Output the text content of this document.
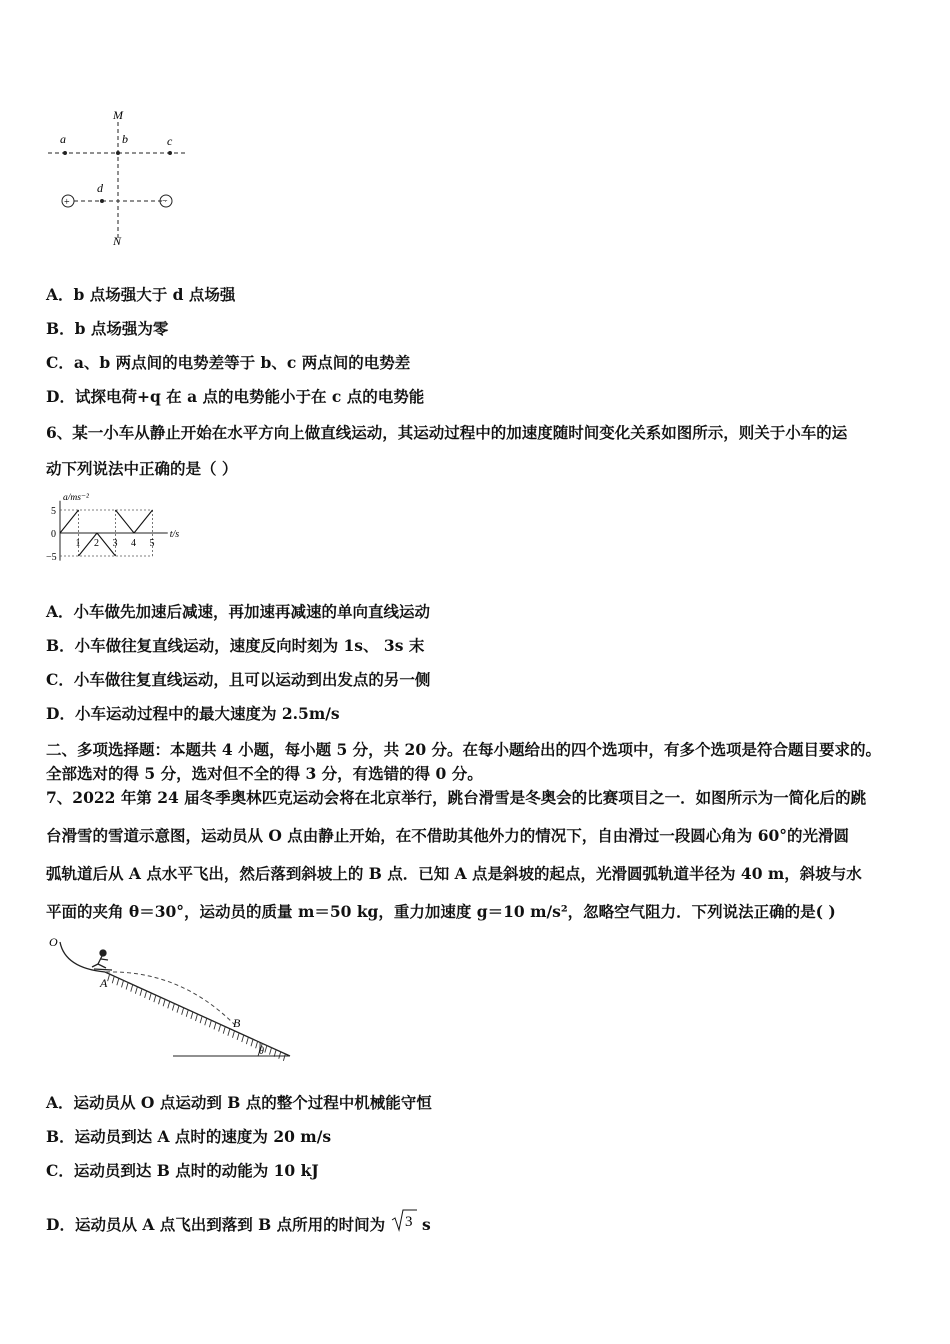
+	−
M
N
a	b	c
d
A．b 点场强大于 d 点场强
B．b 点场强为零
C．a、b 两点间的电势差等于 b、c 两点间的电势差
D．试探电荷+q 在 a 点的电势能小于在 c 点的电势能
6、某一小车从静止开始在水平方向上做直线运动，其运动过程中的加速度随时间变化关系如图所示，则关于小车的运
动下列说法中正确的是（ ）
1 2 3 4 5
5
0
−5
a/ms⁻²
t/s
A．小车做先加速后减速，再加速再减速的单向直线运动
B．小车做往复直线运动，速度反向时刻为 1s、 3s 末
C．小车做往复直线运动，且可以运动到出发点的另一侧
D．小车运动过程中的最大速度为 2.5m/s
二、多项选择题：本题共 4 小题，每小题 5 分，共 20 分。在每小题给出的四个选项中，有多个选项是符合题目要求的。
全部选对的得 5 分，选对但不全的得 3 分，有选错的得 0 分。
7、2022 年第 24 届冬季奥林匹克运动会将在北京举行，跳台滑雪是冬奥会的比赛项目之一．如图所示为一简化后的跳
台滑雪的雪道示意图，运动员从 O 点由静止开始，在不借助其他外力的情况下，自由滑过一段圆心角为 60°的光滑圆
弧轨道后从 A 点水平飞出，然后落到斜坡上的 B 点．已知 A 点是斜坡的起点，光滑圆弧轨道半径为 40 m，斜坡与水
平面的夹角 θ＝30°，运动员的质量 m＝50 kg，重力加速度 g＝10 m/s²，忽略空气阻力．下列说法正确的是( )
O
A
B
θ
A．运动员从 O 点运动到 B 点的整个过程中机械能守恒
B．运动员到达 A 点时的速度为 20 m/s
C．运动员到达 B 点时的动能为 10 kJ
D．运动员从 A 点飞出到落到 B 点所用的时间为 3 s
